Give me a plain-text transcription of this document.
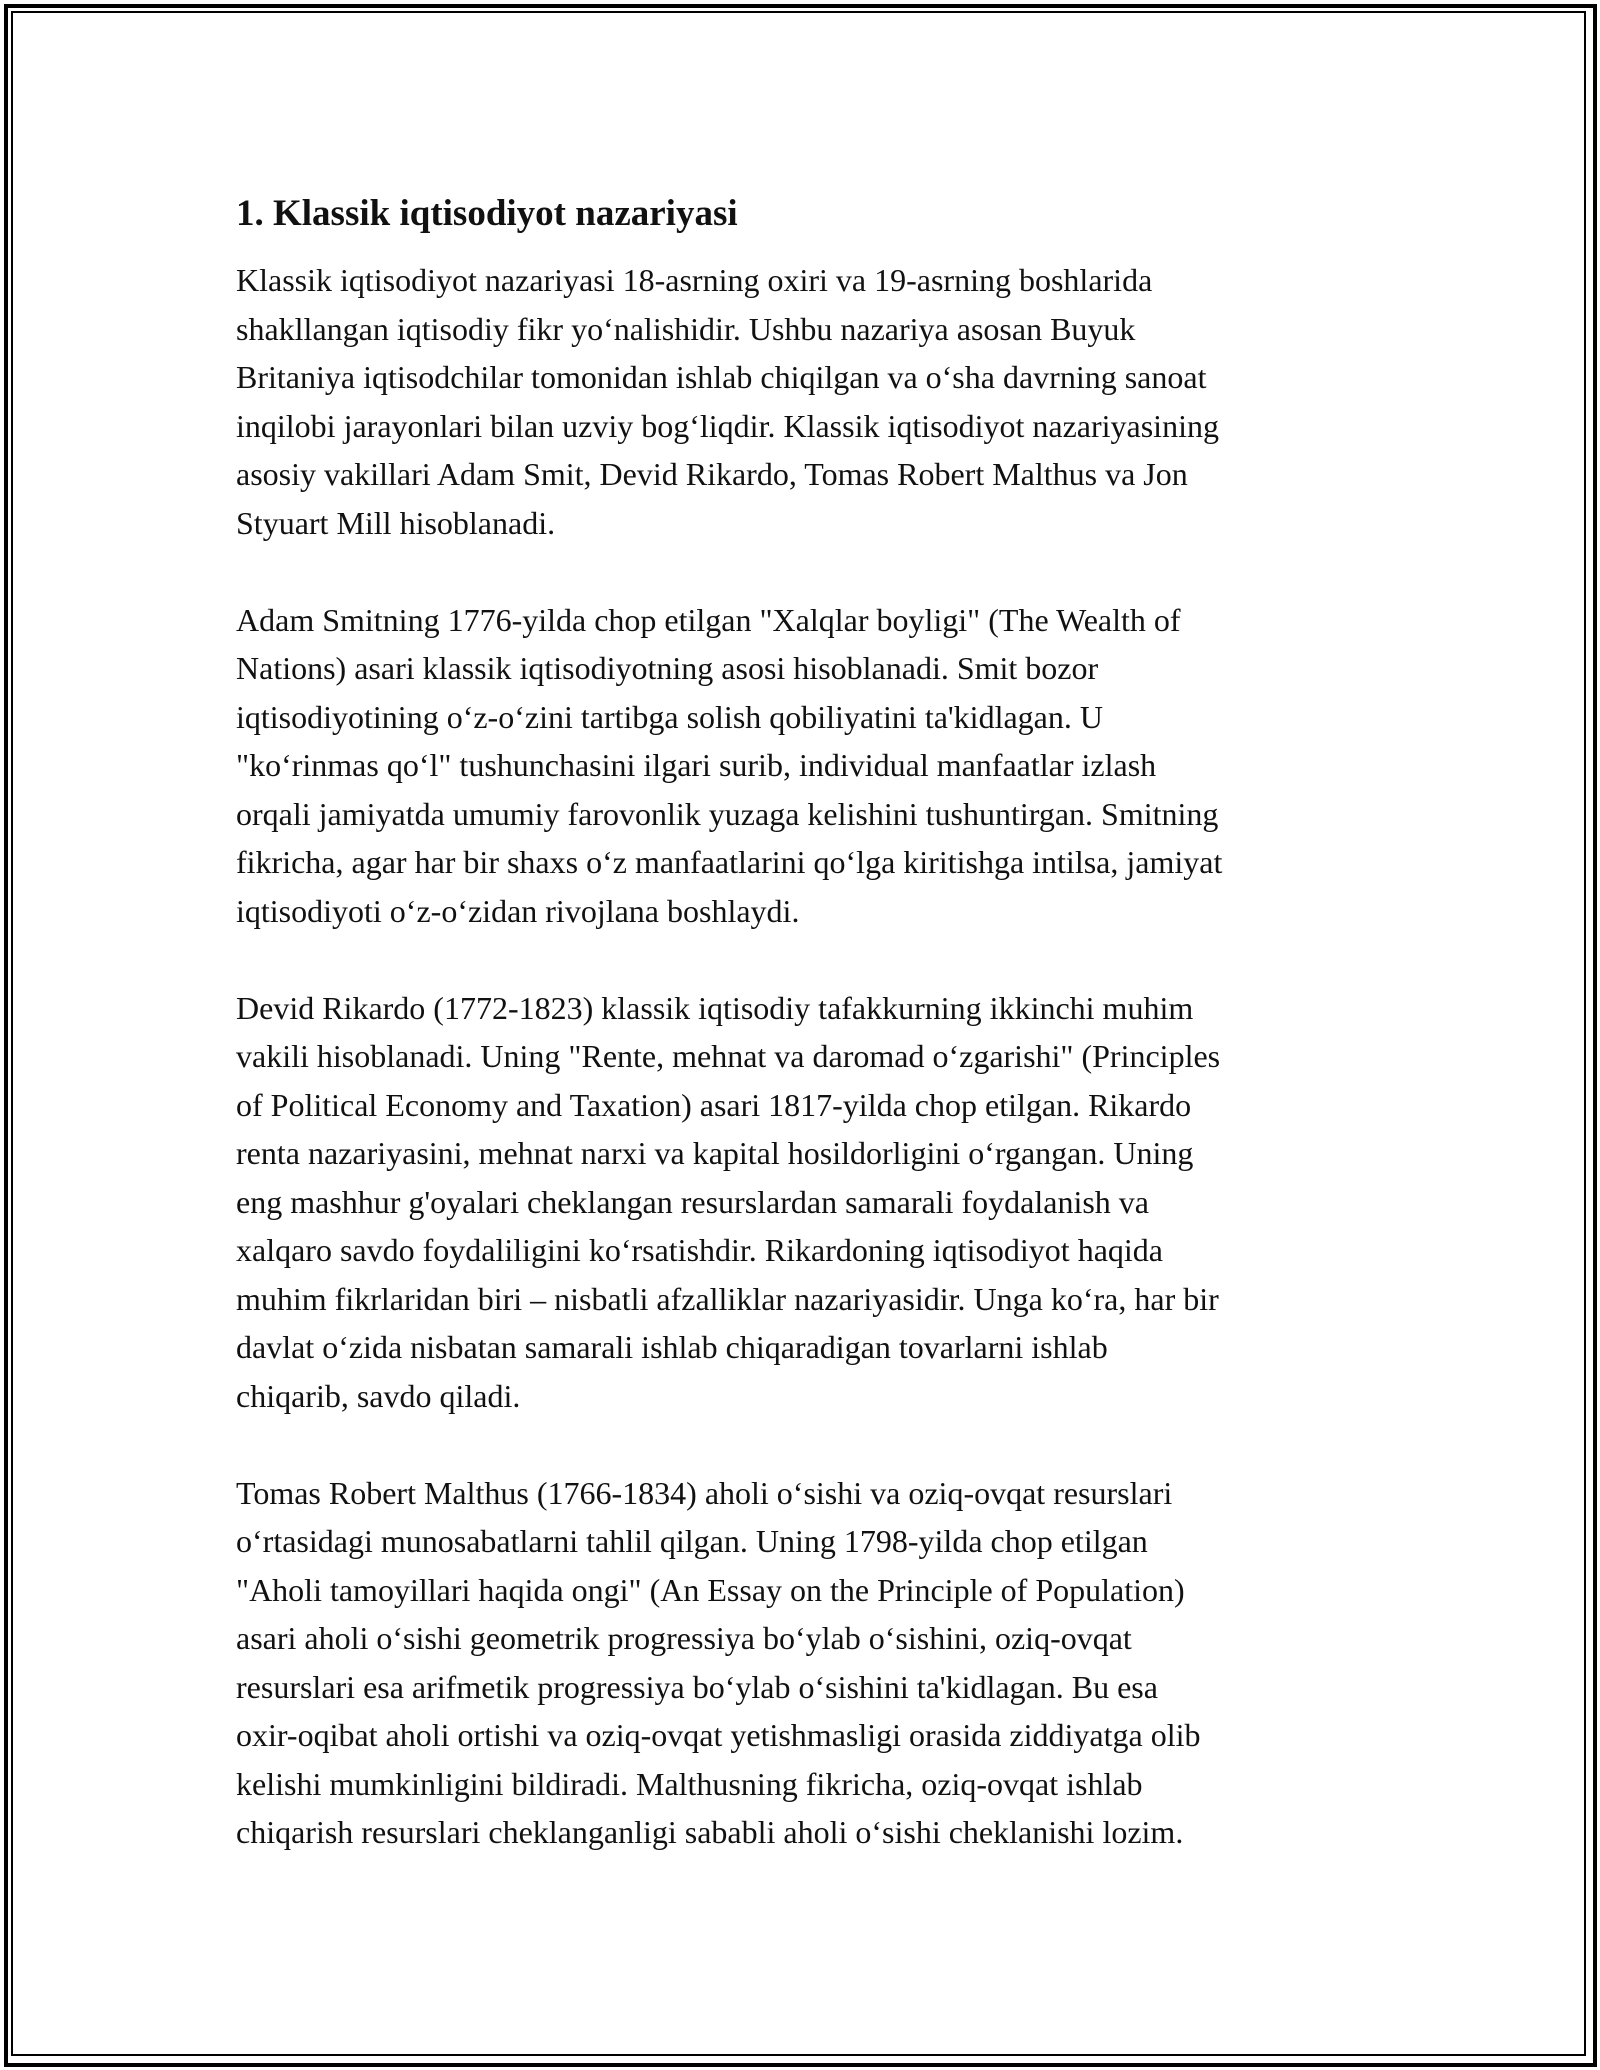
1. Klassik iqtisodiyot nazariyasi

Klassik iqtisodiyot nazariyasi 18-asrning oxiri va 19-asrning boshlarida
shakllangan iqtisodiy fikr yoʻnalishidir. Ushbu nazariya asosan Buyuk
Britaniya iqtisodchilar tomonidan ishlab chiqilgan va oʻsha davrning sanoat
inqilobi jarayonlari bilan uzviy bogʻliqdir. Klassik iqtisodiyot nazariyasining
asosiy vakillari Adam Smit, Devid Rikardo, Tomas Robert Malthus va Jon
Styuart Mill hisoblanadi.

Adam Smitning 1776-yilda chop etilgan "Xalqlar boyligi" (The Wealth of
Nations) asari klassik iqtisodiyotning asosi hisoblanadi. Smit bozor
iqtisodiyotining oʻz-oʻzini tartibga solish qobiliyatini ta'kidlagan. U
"koʻrinmas qoʻl" tushunchasini ilgari surib, individual manfaatlar izlash
orqali jamiyatda umumiy farovonlik yuzaga kelishini tushuntirgan. Smitning
fikricha, agar har bir shaxs oʻz manfaatlarini qoʻlga kiritishga intilsa, jamiyat
iqtisodiyoti oʻz-oʻzidan rivojlana boshlaydi.

Devid Rikardo (1772-1823) klassik iqtisodiy tafakkurning ikkinchi muhim
vakili hisoblanadi. Uning "Rente, mehnat va daromad oʻzgarishi" (Principles
of Political Economy and Taxation) asari 1817-yilda chop etilgan. Rikardo
renta nazariyasini, mehnat narxi va kapital hosildorligini oʻrgangan. Uning
eng mashhur g'oyalari cheklangan resurslardan samarali foydalanish va
xalqaro savdo foydaliligini koʻrsatishdir. Rikardoning iqtisodiyot haqida
muhim fikrlaridan biri – nisbatli afzalliklar nazariyasidir. Unga koʻra, har bir
davlat oʻzida nisbatan samarali ishlab chiqaradigan tovarlarni ishlab
chiqarib, savdo qiladi.

Tomas Robert Malthus (1766-1834) aholi oʻsishi va oziq-ovqat resurslari
oʻrtasidagi munosabatlarni tahlil qilgan. Uning 1798-yilda chop etilgan
"Aholi tamoyillari haqida ongi" (An Essay on the Principle of Population)
asari aholi oʻsishi geometrik progressiya boʻylab oʻsishini, oziq-ovqat
resurslari esa arifmetik progressiya boʻylab oʻsishini ta'kidlagan. Bu esa
oxir-oqibat aholi ortishi va oziq-ovqat yetishmasligi orasida ziddiyatga olib
kelishi mumkinligini bildiradi. Malthusning fikricha, oziq-ovqat ishlab
chiqarish resurslari cheklanganligi sababli aholi oʻsishi cheklanishi lozim.
